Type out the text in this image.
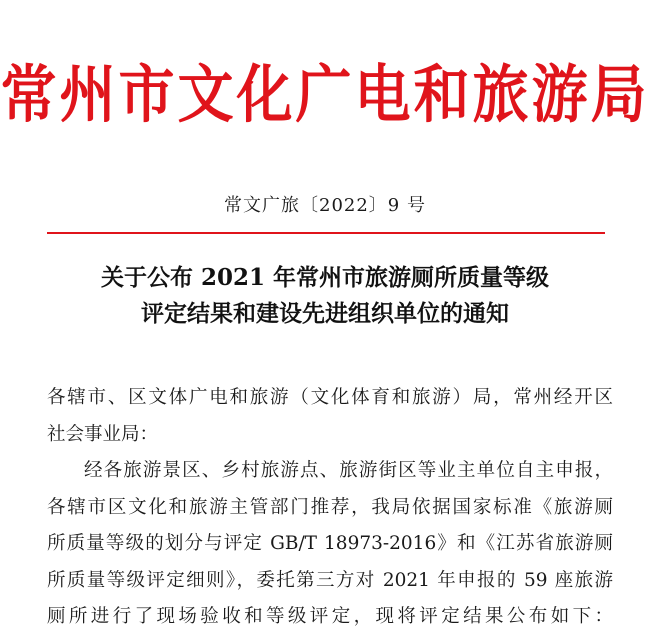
常州市文化广电和旅游局
常文广旅〔2022〕9 号
关于公布 2021 年常州市旅游厕所质量等级
评定结果和建设先进组织单位的通知
各辖市、区文体广电和旅游（文化体育和旅游）局，常州经开区
社会事业局：
经各旅游景区、乡村旅游点、旅游街区等业主单位自主申报，
各辖市区文化和旅游主管部门推荐，我局依据国家标准《旅游厕
所质量等级的划分与评定 GB/T 18973-2016》和《江苏省旅游厕
所质量等级评定细则》，委托第三方对 2021 年申报的 59 座旅游
厕所进行了现场验收和等级评定，现将评定结果公布如下：
